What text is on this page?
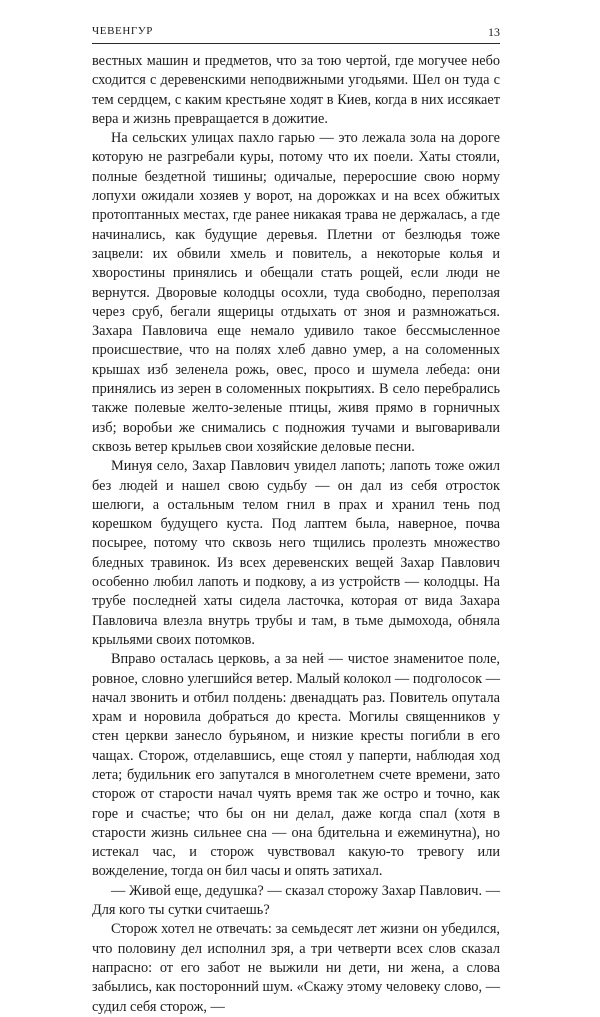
ЧЕВЕНГУР	13

вестных машин и предметов, что за тою чертой, где могучее небо сходится с деревенскими неподвижными угодьями. Шел он туда с тем сердцем, с каким крестьяне ходят в Киев, когда в них иссякает вера и жизнь превращается в дожитие.

На сельских улицах пахло гарью — это лежала зола на дороге которую не разгребали куры, потому что их поели. Хаты стояли, полные бездетной тишины; одичалые, переросшие свою норму лопухи ожидали хозяев у ворот, на дорожках и на всех обжитых протоптанных местах, где ранее никакая трава не держалась, а где начинались, как будущие деревья. Плетни от безлюдья тоже зацвели: их обвили хмель и повитель, а некоторые колья и хворостины принялись и обещали стать рощей, если люди не вернутся. Дворовые колодцы осохли, туда свободно, переползая через сруб, бегали ящерицы отдыхать от зноя и размножаться. Захара Павловича еще немало удивило такое бессмысленное происшествие, что на полях хлеб давно умер, а на соломенных крышах изб зеленела рожь, овес, просо и шумела лебеда: они принялись из зерен в соломенных покрытиях. В село перебрались также полевые желто-зеленые птицы, живя прямо в горничных изб; воробьи же снимались с подножия тучами и выговаривали сквозь ветер крыльев свои хозяйские деловые песни.

Минуя село, Захар Павлович увидел лапоть; лапоть тоже ожил без людей и нашел свою судьбу — он дал из себя отросток шелюги, а остальным телом гнил в прах и хранил тень под корешком будущего куста. Под лаптем была, наверное, почва посырее, потому что сквозь него тщились пролезть множество бледных травинок. Из всех деревенских вещей Захар Павлович особенно любил лапоть и подкову, а из устройств — колодцы. На трубе последней хаты сидела ласточка, которая от вида Захара Павловича влезла внутрь трубы и там, в тьме дымохода, обняла крыльями своих потомков.

Вправо осталась церковь, а за ней — чистое знаменитое поле, ровное, словно улегшийся ветер. Малый колокол — подголосок — начал звонить и отбил полдень: двенадцать раз. Повитель опутала храм и норовила добраться до креста. Могилы священников у стен церкви занесло бурьяном, и низкие кресты погибли в его чащах. Сторож, отделавшись, еще стоял у паперти, наблюдая ход лета; будильник его запутался в многолетнем счете времени, зато сторож от старости начал чуять время так же остро и точно, как горе и счастье; что бы он ни делал, даже когда спал (хотя в старости жизнь сильнее сна — она бдительна и ежеминутна), но истекал час, и сторож чувствовал какую-то тревогу или вожделение, тогда он бил часы и опять затихал.

— Живой еще, дедушка? — сказал сторожу Захар Павлович. — Для кого ты сутки считаешь?

Сторож хотел не отвечать: за семьдесят лет жизни он убедился, что половину дел исполнил зря, а три четверти всех слов сказал напрасно: от его забот не выжили ни дети, ни жена, а слова забылись, как посторонний шум. «Скажу этому человеку слово, — судил себя сторож, —
